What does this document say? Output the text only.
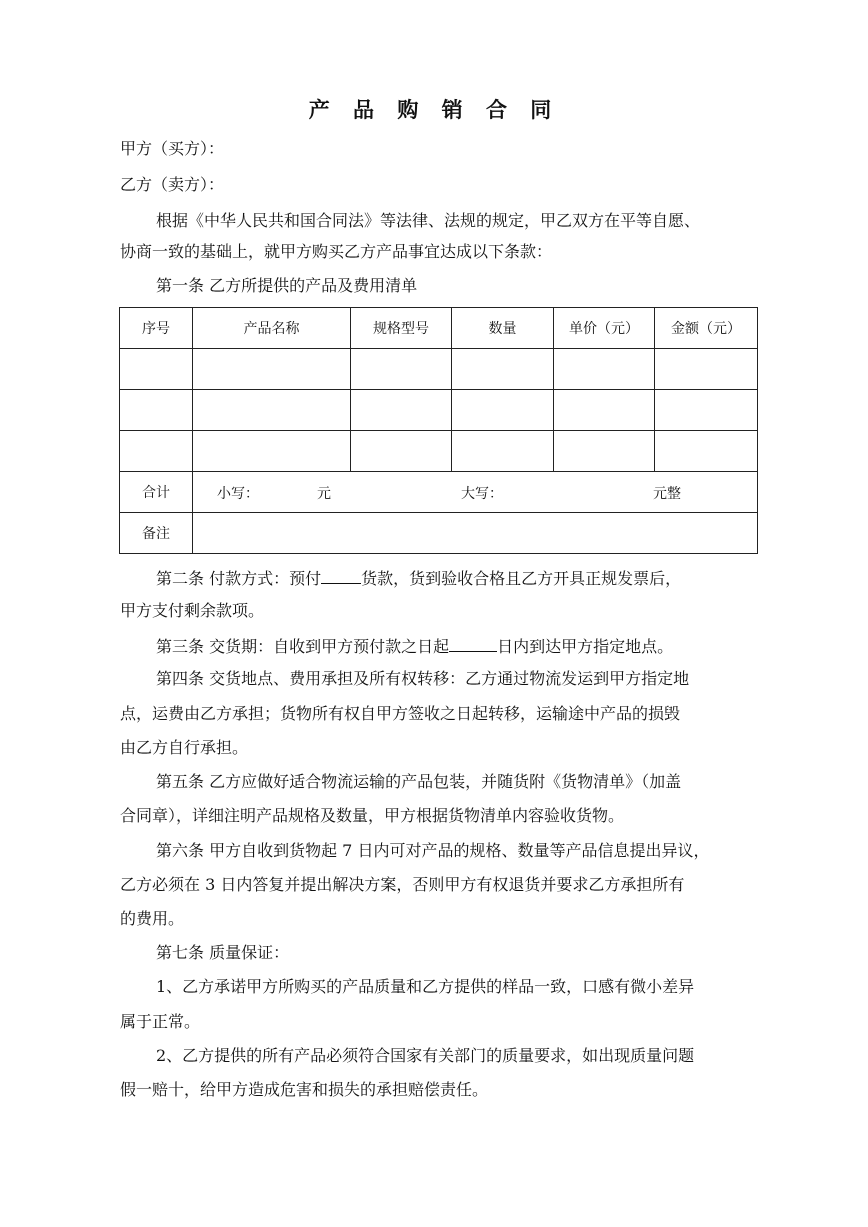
产 品 购 销 合 同
甲方（买方）：
乙方（卖方）：
根据《中华人民共和国合同法》等法律、法规的规定，甲乙双方在平等自愿、
协商一致的基础上，就甲方购买乙方产品事宜达成以下条款：
第一条 乙方所提供的产品及费用清单
序号	产品名称	规格型号	数量	单价（元）	金额（元）

合计	小写： 元 大写： 元整				

备注					
第二条 付款方式：预付	货款，货到验收合格且乙方开具正规发票后，
甲方支付剩余款项。
第三条 交货期：自收到甲方预付款之日起	日内到达甲方指定地点。
第四条 交货地点、费用承担及所有权转移：乙方通过物流发运到甲方指定地
点，运费由乙方承担；货物所有权自甲方签收之日起转移，运输途中产品的损毁
由乙方自行承担。
第五条 乙方应做好适合物流运输的产品包装，并随货附《货物清单》（加盖
合同章），详细注明产品规格及数量，甲方根据货物清单内容验收货物。
第六条 甲方自收到货物起 7 日内可对产品的规格、数量等产品信息提出异议，
乙方必须在 3 日内答复并提出解决方案，否则甲方有权退货并要求乙方承担所有
的费用。
第七条 质量保证：
1、乙方承诺甲方所购买的产品质量和乙方提供的样品一致，口感有微小差异
属于正常。
2、乙方提供的所有产品必须符合国家有关部门的质量要求，如出现质量问题
假一赔十，给甲方造成危害和损失的承担赔偿责任。
